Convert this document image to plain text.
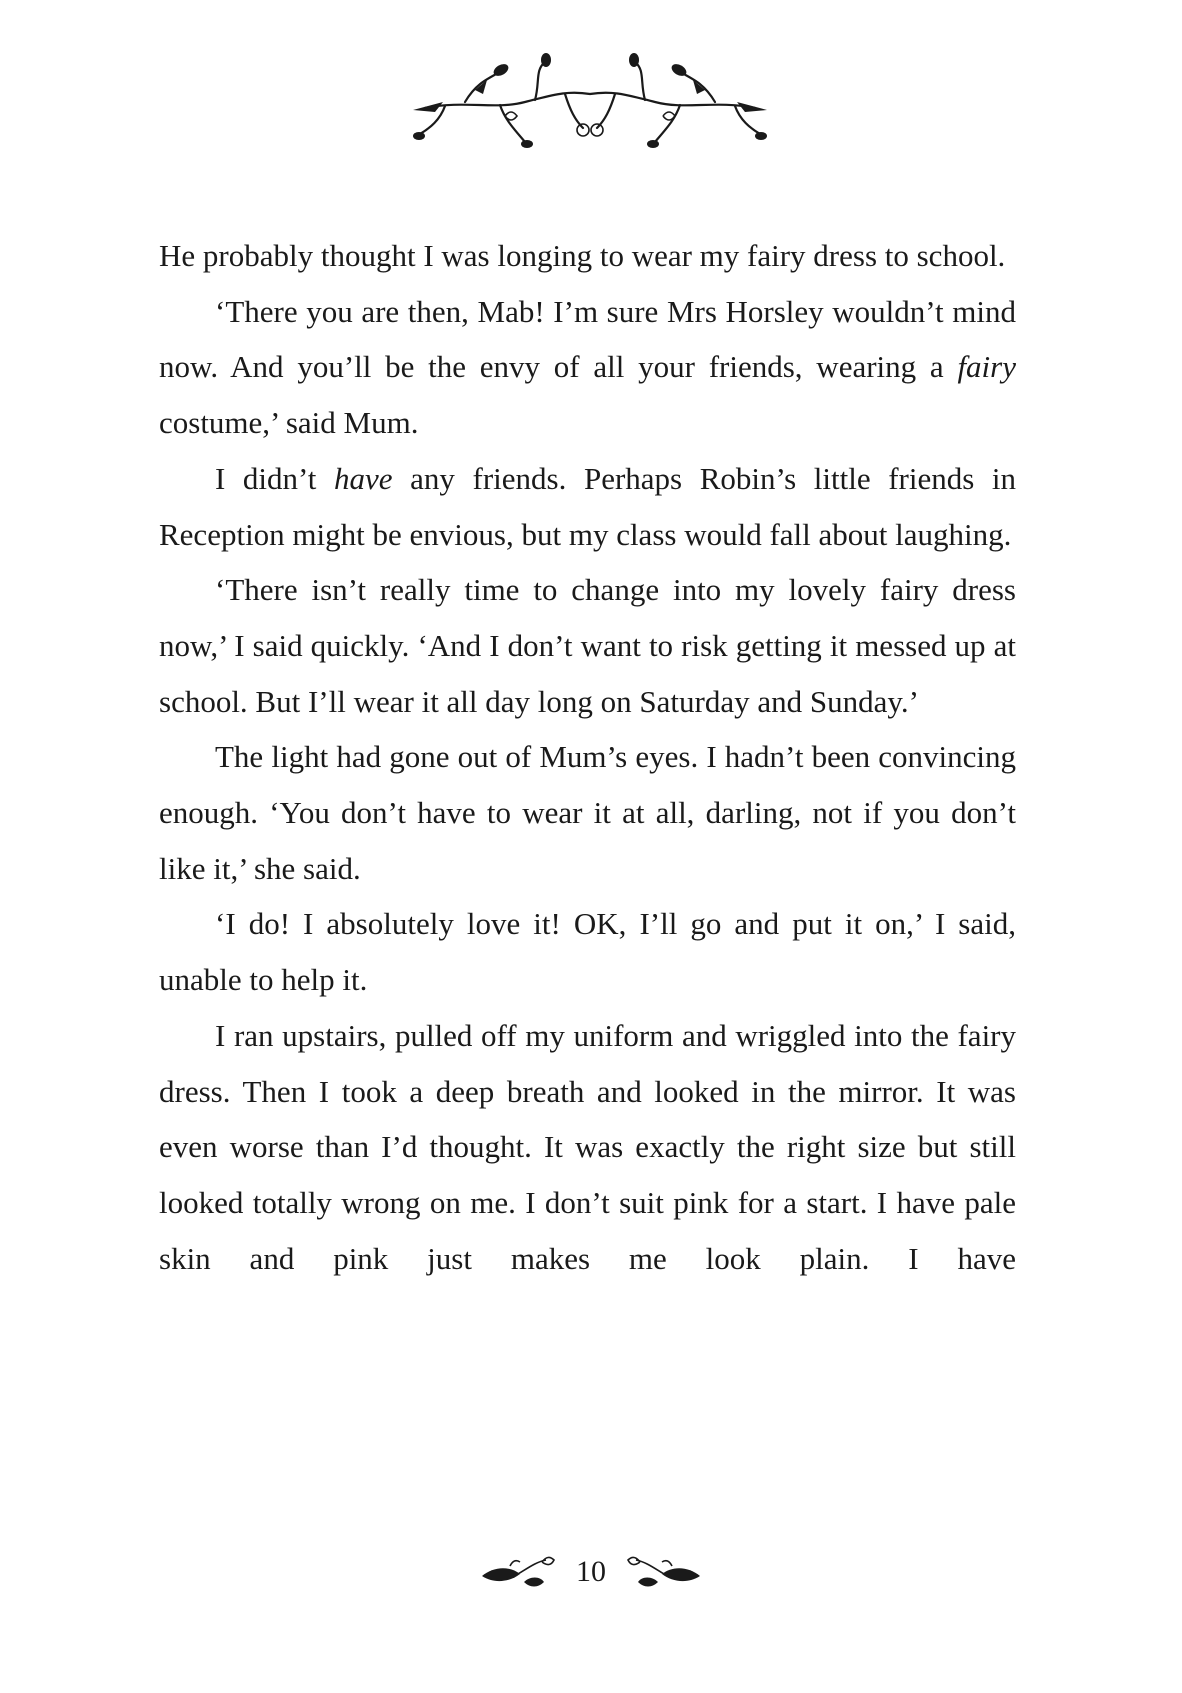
He probably thought I was longing to wear my fairy dress to school.

‘There you are then, Mab! I’m sure Mrs Horsley wouldn’t mind now. And you’ll be the envy of all your friends, wearing a fairy costume,’ said Mum.

I didn’t have any friends. Perhaps Robin’s little friends in Reception might be envious, but my class would fall about laughing.

‘There isn’t really time to change into my lovely fairy dress now,’ I said quickly. ‘And I don’t want to risk getting it messed up at school. But I’ll wear it all day long on Saturday and Sunday.’

The light had gone out of Mum’s eyes. I hadn’t been convincing enough. ‘You don’t have to wear it at all, darling, not if you don’t like it,’ she said.

‘I do! I absolutely love it! OK, I’ll go and put it on,’ I said, unable to help it.

I ran upstairs, pulled off my uniform and wriggled into the fairy dress. Then I took a deep breath and looked in the mirror. It was even worse than I’d thought. It was exactly the right size but still looked totally wrong on me. I don’t suit pink for a start. I have pale skin and pink just makes me look plain. I have

10
